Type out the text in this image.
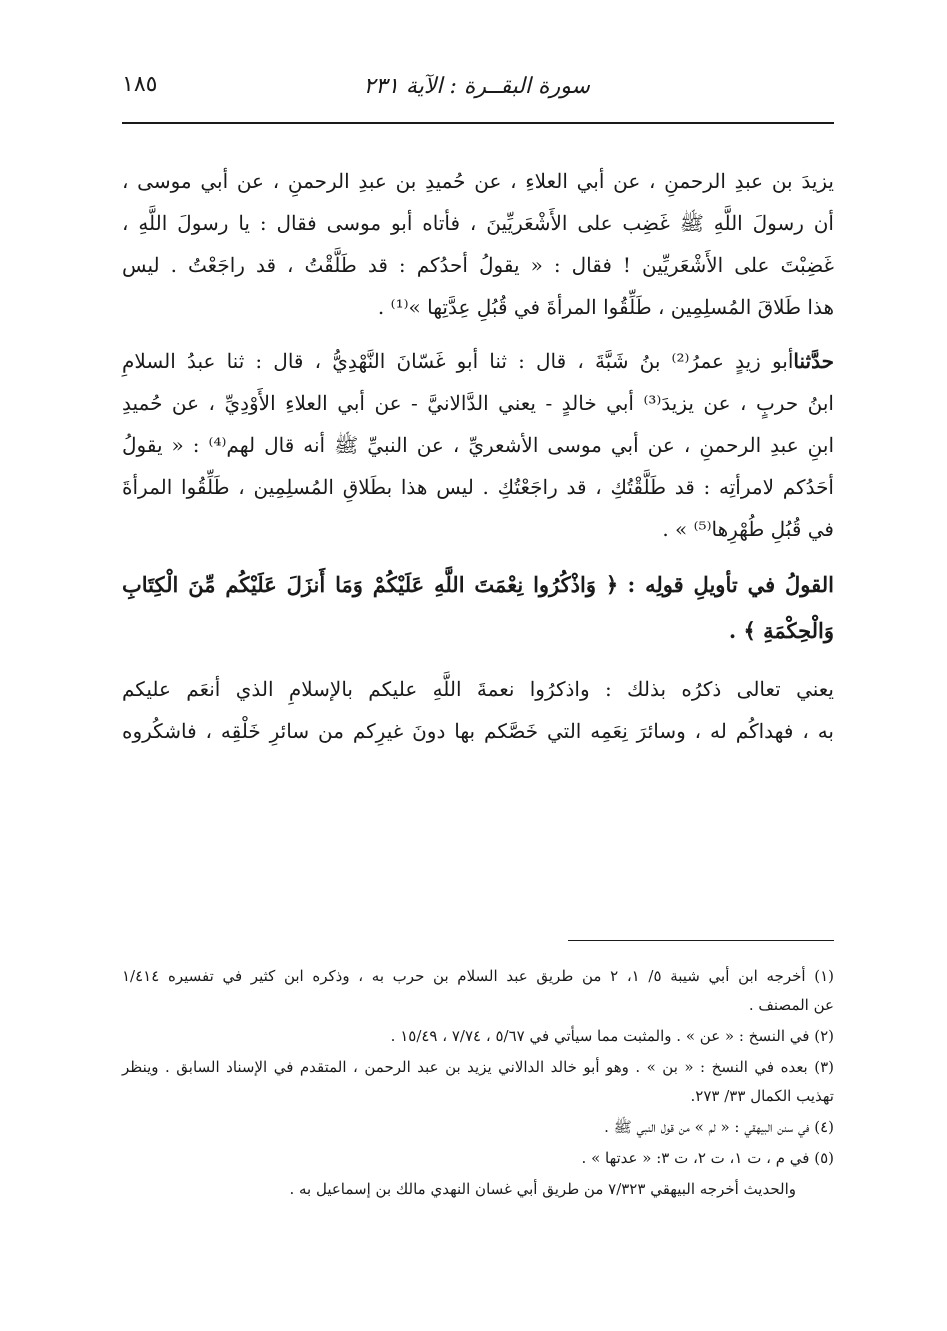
سورة البقــرة : الآية ٢٣١
١٨٥
يزيدَ بن عبدِ الرحمنِ ، عن أبي العلاءِ ، عن حُميدِ بن عبدِ الرحمنِ ، عن أبي موسى ،
أن رسولَ اللَّهِ ﷺ غَضِب على الأَشْعَريِّينَ ، فأتاه أبو موسى فقال : يا رسولَ اللَّهِ ،
غَضِبْتَ على الأَشْعَريِّين ! فقال : « يقولُ أحدُكم : قد طَلَّقْتُ ، قد راجَعْتُ . ليس
هذا طَلاقَ المُسلِمِين ، طَلِّقُوا المرأةَ في قُبُلِ عِدَّتِها »⁽¹⁾ .
حدَّثناأبو زيدٍ عمرُ⁽²⁾ بنُ شَبَّةَ ، قال : ثنا أبو غَسّانَ النَّهْدِيُّ ، قال : ثنا عبدُ السلامِ
ابنُ حربٍ ، عن يزيدَ⁽³⁾ أبي خالدٍ - يعني الدَّالانيَّ - عن أبي العلاءِ الأَوْدِيِّ ، عن حُميدِ
ابنِ عبدِ الرحمنِ ، عن أبي موسى الأشعريِّ ، عن النبيِّ ﷺ أنه قال لهم⁽⁴⁾ : « يقولُ
أحَدُكم لامرأتِه : قد طَلَّقْتُكِ ، قد راجَعْتُكِ . ليس هذا بطَلاقِ المُسلِمِين ، طَلِّقُوا المرأةَ
في قُبُلِ طُهْرِها⁽⁵⁾ » .
القولُ في تأويلِ قولِه : ﴿ وَاذْكُرُوا نِعْمَتَ اللَّهِ عَلَيْكُمْ وَمَا أَنزَلَ عَلَيْكُم مِّنَ الْكِتَابِ
وَالْحِكْمَةِ ﴾ .
يعني تعالى ذكرُه بذلك : واذكرُوا نعمةَ اللَّهِ عليكم بالإسلامِ الذي أنعَم عليكم
به ، فهداكُم له ، وسائرَ نِعَمِه التي خَصَّكم بها دونَ غيرِكم من سائرِ خَلْقِه ، فاشكُروه
(١) أخرجه ابن أبي شيبة ٥/ ١، ٢ من طريق عبد السلام بن حرب به ، وذكره ابن كثير في تفسيره ١/٤١٤
عن المصنف .
(٢) في النسخ : « عن » . والمثبت مما سيأتي في ٥/٦٧ ، ٧/٧٤ ، ١٥/٤٩ .
(٣) بعده في النسخ : « بن » . وهو أبو خالد الدالاني يزيد بن عبد الرحمن ، المتقدم في الإسناد السابق . وينظر
تهذيب الكمال ٣٣/ ٢٧٣.
(٤) في سنن البيهقي : « لم » من قول النبي ﷺ .
(٥) في م ، ت ١، ت ٢، ت ٣: « عدتها » .
والحديث أخرجه البيهقي ٧/٣٢٣ من طريق أبي غسان النهدي مالك بن إسماعيل به .
